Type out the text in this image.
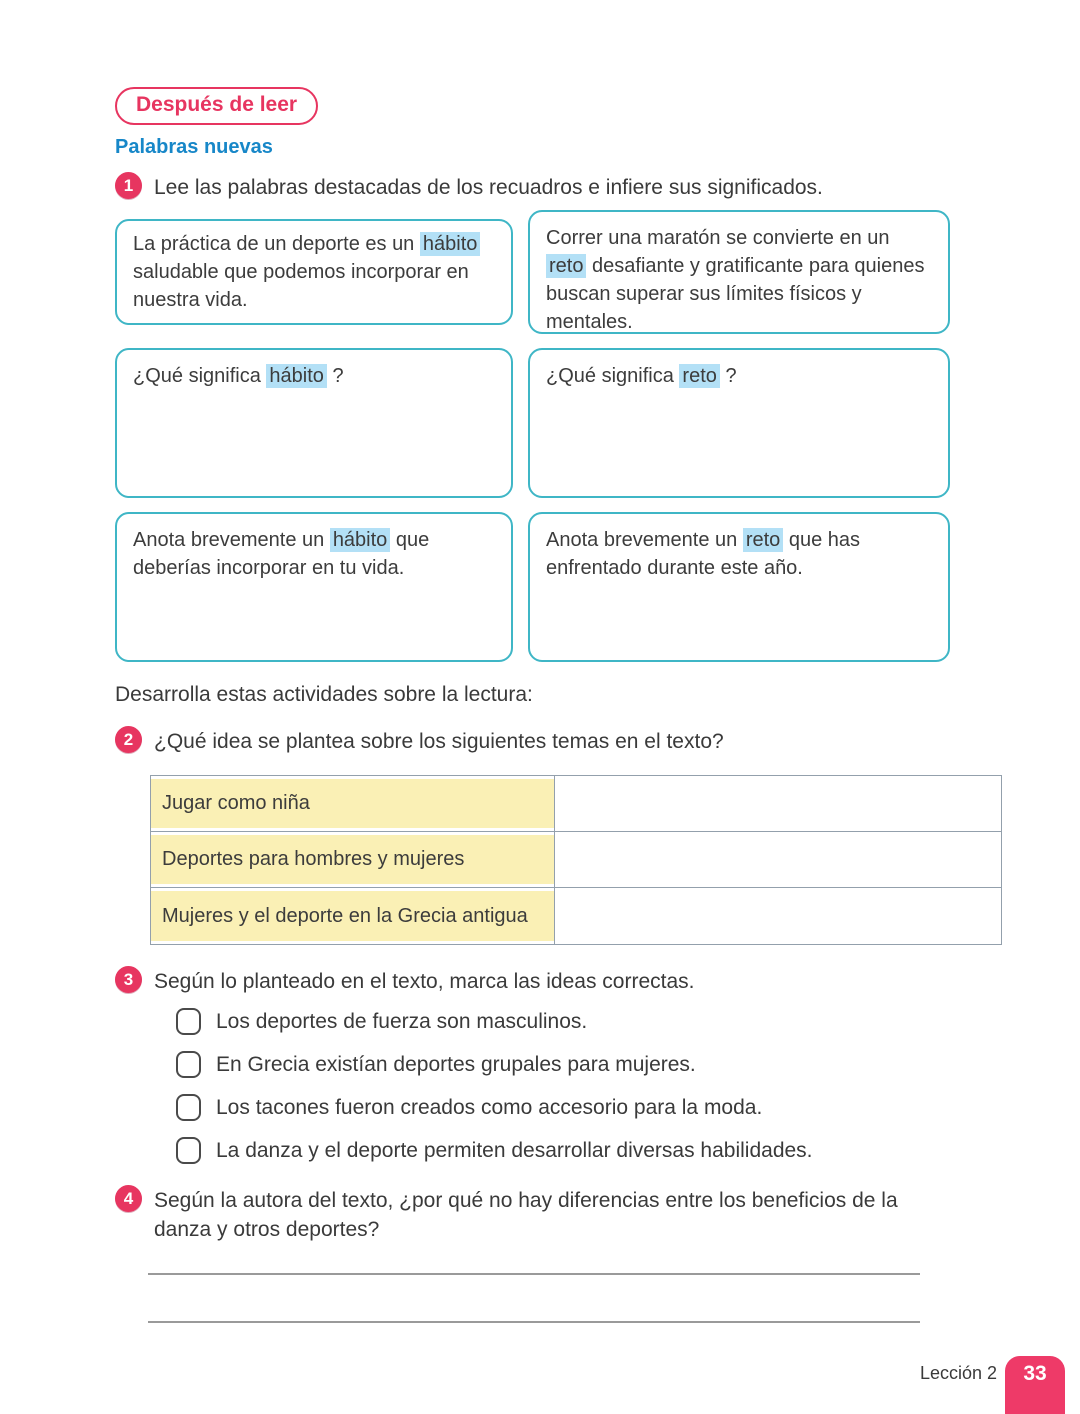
Después de leer
Palabras nuevas
1 Lee las palabras destacadas de los recuadros e infiere sus significados.

La práctica de un deporte es un hábito saludable que podemos incorporar en nuestra vida.

Correr una maratón se convierte en un reto desafiante y gratificante para quienes buscan superar sus límites físicos y mentales.

¿Qué significa hábito ?	¿Qué significa reto ?

Anota brevemente un hábito que deberías incorporar en tu vida.

Anota brevemente un reto que has enfrentado durante este año.

Desarrolla estas actividades sobre la lectura:
2 ¿Qué idea se plantea sobre los siguientes temas en el texto?
Jugar como niña
Deportes para hombres y mujeres
Mujeres y el deporte en la Grecia antigua
3 Según lo planteado en el texto, marca las ideas correctas.
Los deportes de fuerza son masculinos.
En Grecia existían deportes grupales para mujeres.
Los tacones fueron creados como accesorio para la moda.
La danza y el deporte permiten desarrollar diversas habilidades.
4 Según la autora del texto, ¿por qué no hay diferencias entre los beneficios de la danza y otros deportes?
Lección 2	33
